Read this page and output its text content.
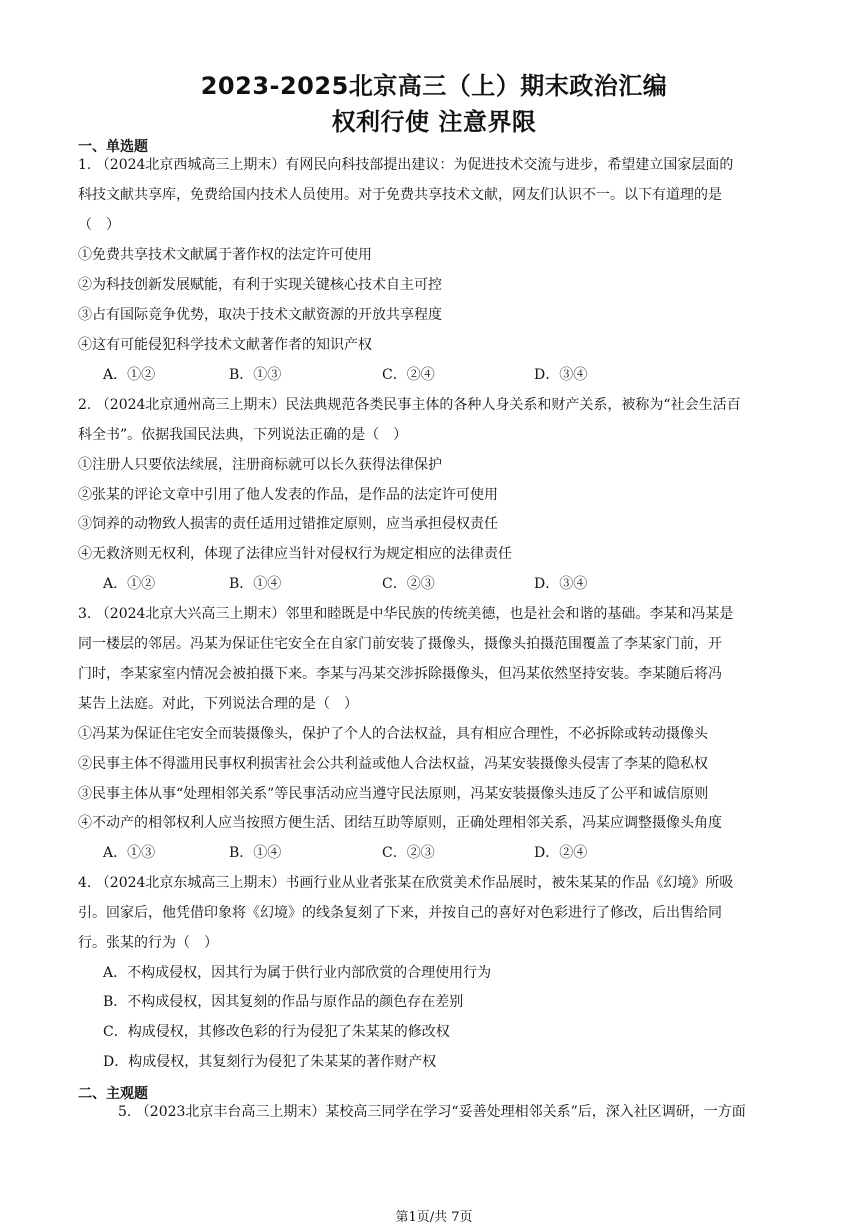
2023-2025北京高三（上）期末政治汇编
权利行使 注意界限
一、单选题
1. （2024北京西城高三上期末）有网民向科技部提出建议：为促进技术交流与进步，希望建立国家层面的
科技文献共享库，免费给国内技术人员使用。对于免费共享技术文献，网友们认识不一。以下有道理的是
（　）
①免费共享技术文献属于著作权的法定许可使用
②为科技创新发展赋能，有利于实现关键核心技术自主可控
③占有国际竞争优势，取决于技术文献资源的开放共享程度
④这有可能侵犯科学技术文献著作者的知识产权
A．①②	B．①③	C．②④	D．③④
2. （2024北京通州高三上期末）民法典规范各类民事主体的各种人身关系和财产关系，被称为“社会生活百
科全书”。依据我国民法典，下列说法正确的是（　）
①注册人只要依法续展，注册商标就可以长久获得法律保护
②张某的评论文章中引用了他人发表的作品，是作品的法定许可使用
③饲养的动物致人损害的责任适用过错推定原则，应当承担侵权责任
④无救济则无权利，体现了法律应当针对侵权行为规定相应的法律责任
A．①②	B．①④	C．②③	D．③④
3. （2024北京大兴高三上期末）邻里和睦既是中华民族的传统美德，也是社会和谐的基础。李某和冯某是
同一楼层的邻居。冯某为保证住宅安全在自家门前安装了摄像头，摄像头拍摄范围覆盖了李某家门前，开
门时，李某家室内情况会被拍摄下来。李某与冯某交涉拆除摄像头，但冯某依然坚持安装。李某随后将冯
某告上法庭。对此，下列说法合理的是（　）
①冯某为保证住宅安全而装摄像头，保护了个人的合法权益，具有相应合理性，不必拆除或转动摄像头
②民事主体不得滥用民事权利损害社会公共利益或他人合法权益，冯某安装摄像头侵害了李某的隐私权
③民事主体从事“处理相邻关系”等民事活动应当遵守民法原则，冯某安装摄像头违反了公平和诚信原则
④不动产的相邻权利人应当按照方便生活、团结互助等原则，正确处理相邻关系，冯某应调整摄像头角度
A．①③	B．①④	C．②③	D．②④
4. （2024北京东城高三上期末）书画行业从业者张某在欣赏美术作品展时，被朱某某的作品《幻境》所吸
引。回家后，他凭借印象将《幻境》的线条复刻了下来，并按自己的喜好对色彩进行了修改，后出售给同
行。张某的行为（　）
A．不构成侵权，因其行为属于供行业内部欣赏的合理使用行为
B．不构成侵权，因其复刻的作品与原作品的颜色存在差别
C．构成侵权，其修改色彩的行为侵犯了朱某某的修改权
D．构成侵权，其复刻行为侵犯了朱某某的著作财产权
二、主观题
5. （2023北京丰台高三上期末）某校高三同学在学习“妥善处理相邻关系”后，深入社区调研，一方面
第1页/共 7页
